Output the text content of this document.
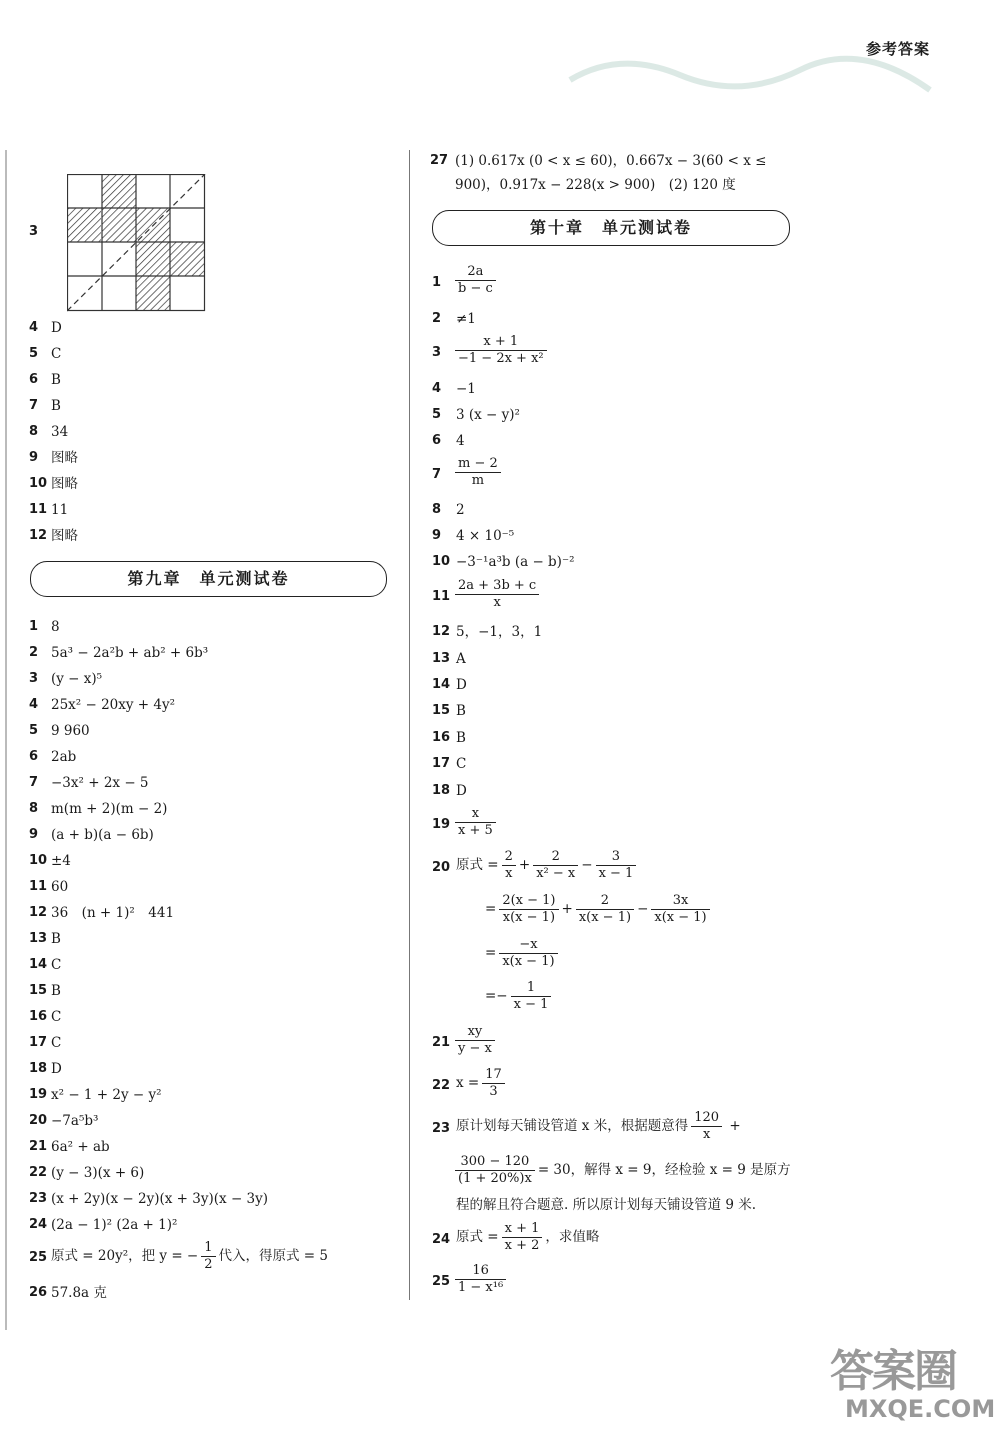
参考答案
3
4 D
5 C
6 B
7 B
8 34
9 图略
10 图略
11 11
12 图略
第九章　单元测试卷
1 8
2 5a³ − 2a²b + ab² + 6b³
3 (y − x)⁵
4 25x² − 20xy + 4y²
5 9 960
6 2ab
7 −3x² + 2x − 5
8 m(m + 2)(m − 2)
9 (a + b)(a − 6b)
10 ±4
11 60
12 36　(n + 1)²　441
13 B
14 C
15 B
16 C
17 C
18 D
19 x² − 1 + 2y − y²
20 −7a⁵b³
21 6a² + ab
22 (y − 3)(x + 6)
23 (x + 2y)(x − 2y)(x + 3y)(x − 3y)
24 (2a − 1)² (2a + 1)²
25 原式 = 20y²，把 y = − $\frac{1}{2}$ 代入，得原式 = 5
26 57.8a 克
27 (1) 0.617x (0 < x ≤ 60)，0.667x − 3(60 < x ≤
900)，0.917x − 228(x > 900)　(2) 120 度
第十章　单元测试卷
$1 \frac{2a}{b - c}$
2 ≠1
$3 \frac{x + 1}{\text{−1 − 2x + x²}}$
4 −1
5 3 (x − y)²
6 4
$7 \frac{m - 2}{m}$
8 2
9 4 × 10⁻⁵
10 −3⁻¹a³b (a − b)⁻²
$11 \frac{2a + 3b + c}{x}$
12 5，−1，3，1
13 A
14 D
15 B
16 B
17 C
18 D
$19 \frac{x}{x + 5}$
20 原式 = $\frac{2}{x} + \frac{2}{\text{x² − x}} - \frac{3}{x - 1}$
= $\frac{2(x - 1)}{x(x - 1)} + \frac{2}{x(x - 1)} - \frac{3x}{x(x - 1)}$
= $\frac{-x}{x(x - 1)}$
=− $\frac{1}{x - 1}$
$21 \frac{xy}{y - x}$
22 $x = \frac{17}{3}$
23 原计划每天铺设管道 x 米，根据题意得 $\frac{120}{x}$ +
$\frac{300 - 120}{(1 + 20\%)x} = 30$，解得 x = 9，经检验 x = 9 是原方
程的解且符合题意. 所以原计划每天铺设管道 9 米.
24 原式 = $\frac{x + 1}{x + 2}$ ，求值略
$25 \frac{16}{\text{1 − x¹⁶}}$
答案圈
MXQE.COM
